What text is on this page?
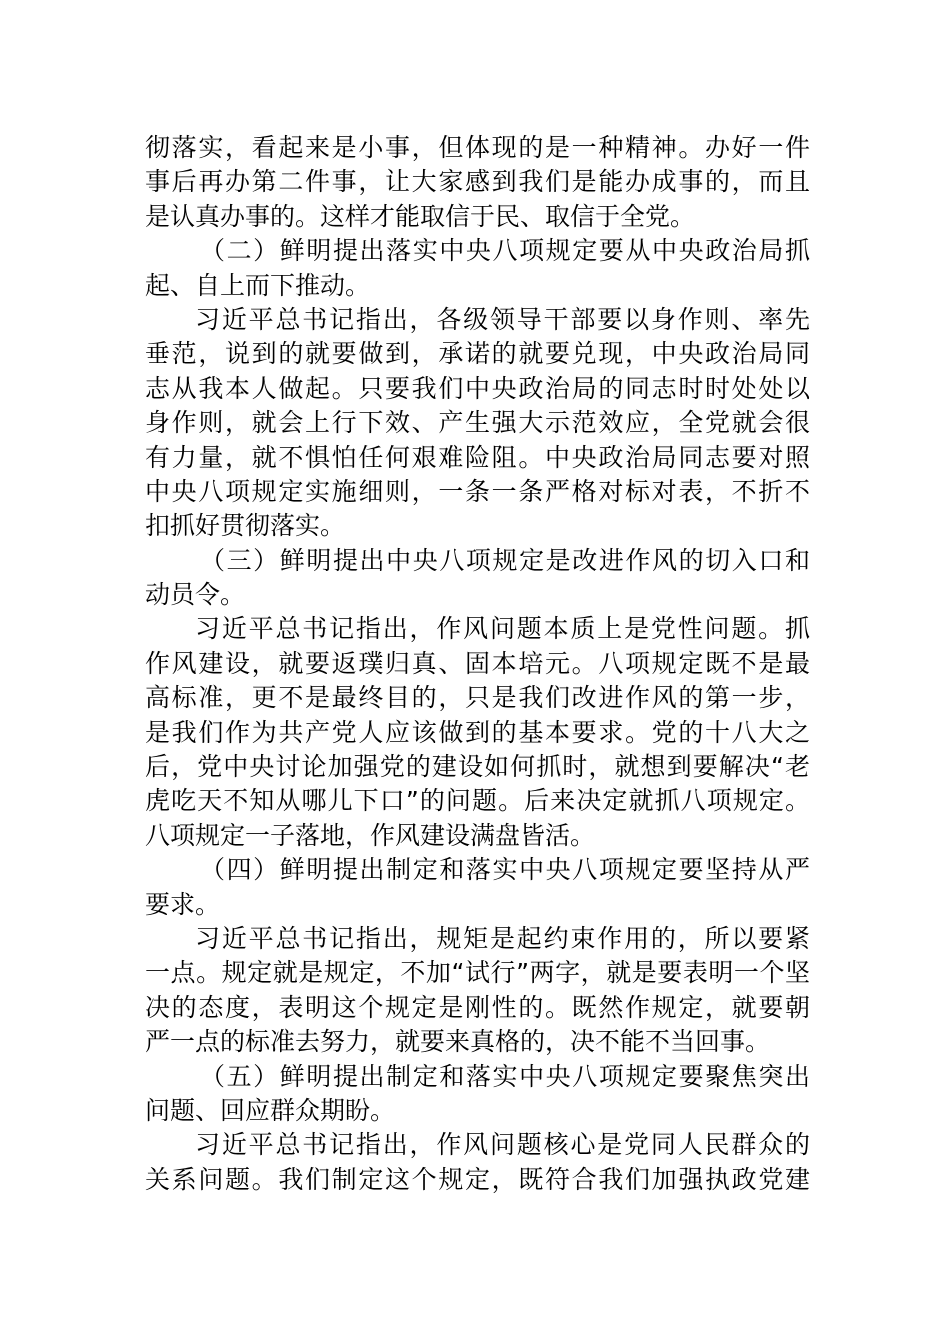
彻落实，看起来是小事，但体现的是一种精神。办好一件
事后再办第二件事，让大家感到我们是能办成事的，而且
是认真办事的。这样才能取信于民、取信于全党。
（二）鲜明提出落实中央八项规定要从中央政治局抓
起、自上而下推动。
习近平总书记指出，各级领导干部要以身作则、率先
垂范，说到的就要做到，承诺的就要兑现，中央政治局同
志从我本人做起。只要我们中央政治局的同志时时处处以
身作则，就会上行下效、产生强大示范效应，全党就会很
有力量，就不惧怕任何艰难险阻。中央政治局同志要对照
中央八项规定实施细则，一条一条严格对标对表，不折不
扣抓好贯彻落实。
（三）鲜明提出中央八项规定是改进作风的切入口和
动员令。
习近平总书记指出，作风问题本质上是党性问题。抓
作风建设，就要返璞归真、固本培元。八项规定既不是最
高标准，更不是最终目的，只是我们改进作风的第一步，
是我们作为共产党人应该做到的基本要求。党的十八大之
后，党中央讨论加强党的建设如何抓时，就想到要解决“老
虎吃天不知从哪儿下口”的问题。后来决定就抓八项规定。
八项规定一子落地，作风建设满盘皆活。
（四）鲜明提出制定和落实中央八项规定要坚持从严
要求。
习近平总书记指出，规矩是起约束作用的，所以要紧
一点。规定就是规定，不加“试行”两字，就是要表明一个坚
决的态度，表明这个规定是刚性的。既然作规定，就要朝
严一点的标准去努力，就要来真格的，决不能不当回事。
（五）鲜明提出制定和落实中央八项规定要聚焦突出
问题、回应群众期盼。
习近平总书记指出，作风问题核心是党同人民群众的
关系问题。我们制定这个规定，既符合我们加强执政党建
